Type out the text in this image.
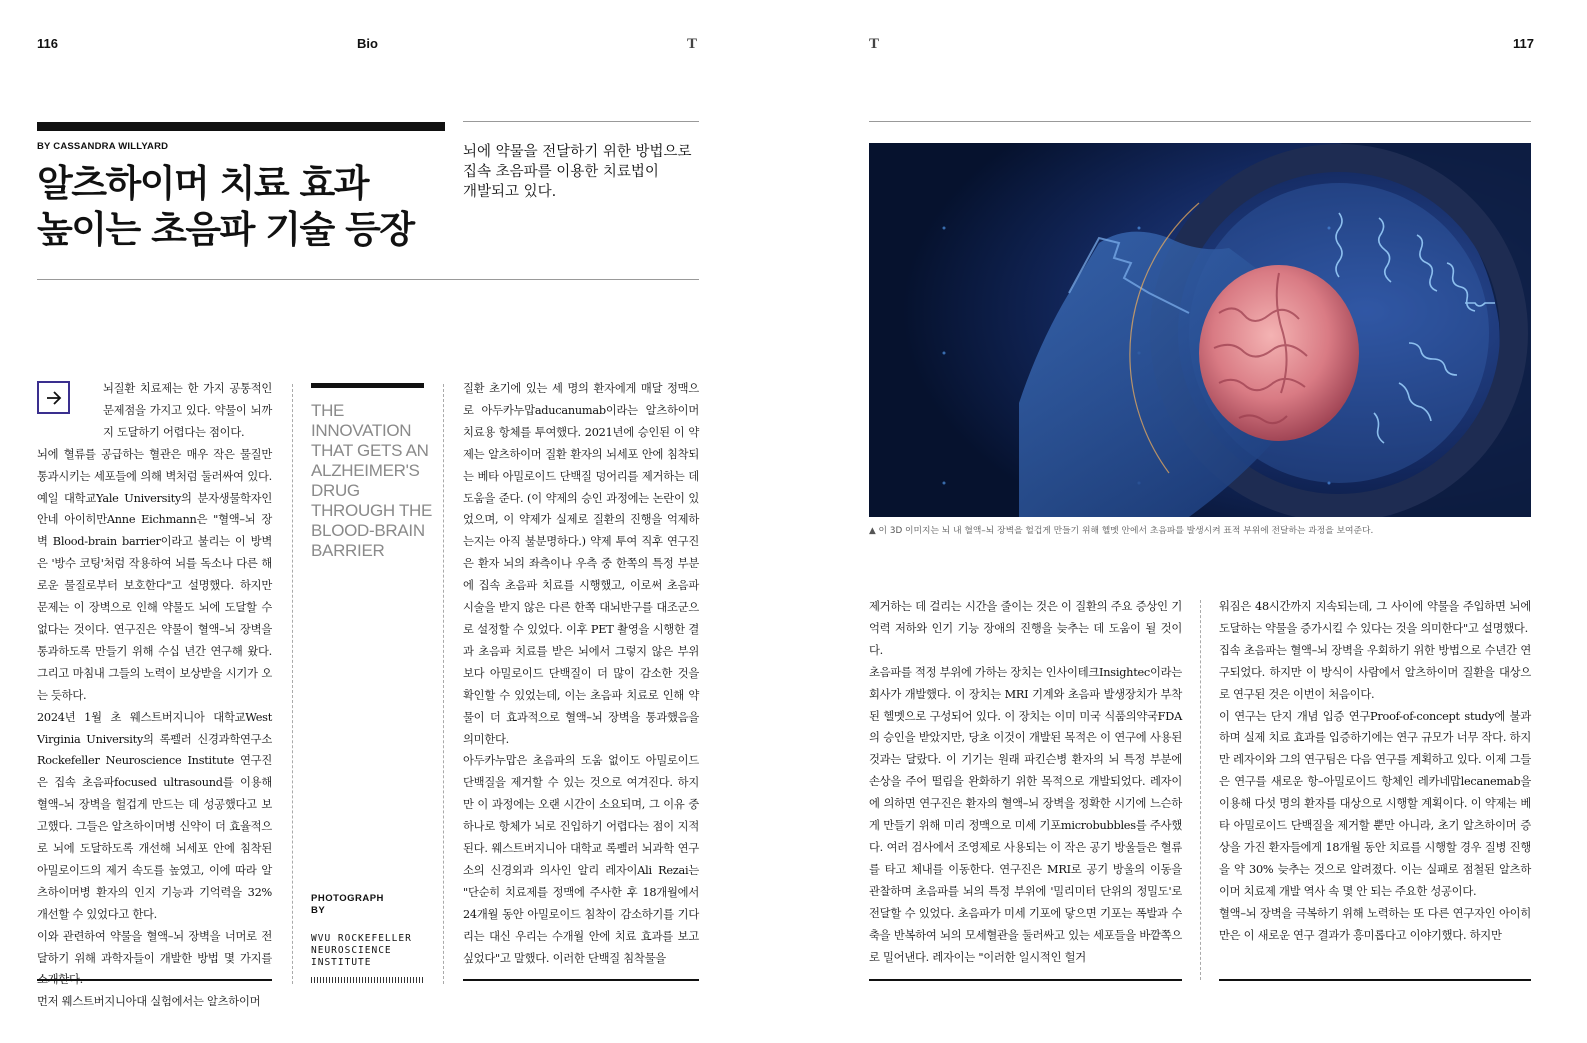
116	Bio	T	T	117
BY CASSANDRA WILLYARD
알츠하이머 치료 효과
높이는 초음파 기술 등장
뇌에 약물을 전달하기 위한 방법으로
집속 초음파를 이용한 치료법이
개발되고 있다.

뇌질환 치료제는 한 가지 공통적인 문제점을 가지고 있다. 약물이 뇌까지 도달하기 어렵다는 점이다.

뇌에 혈류를 공급하는 혈관은 매우 작은 물질만 통과시키는 세포들에 의해 벽처럼 둘러싸여 있다. 예일 대학교Yale University의 분자생물학자인 안네 아이히만Anne Eichmann은 "혈액–뇌 장벽 Blood-brain barrier이라고 불리는 이 방벽은 '방수 코팅'처럼 작용하여 뇌를 독소나 다른 해로운 물질로부터 보호한다"고 설명했다. 하지만 문제는 이 장벽으로 인해 약물도 뇌에 도달할 수 없다는 것이다. 연구진은 약물이 혈액–뇌 장벽을 통과하도록 만들기 위해 수십 년간 연구해 왔다. 그리고 마침내 그들의 노력이 보상받을 시기가 오는 듯하다.

2024년 1월 초 웨스트버지니아 대학교West Virginia University의 록펠러 신경과학연구소Rockefeller Neuroscience Institute 연구진은 집속 초음파focused ultrasound를 이용해 혈액–뇌 장벽을 헐겁게 만드는 데 성공했다고 보고했다. 그들은 알츠하이머병 신약이 더 효율적으로 뇌에 도달하도록 개선해 뇌세포 안에 침착된 아밀로이드의 제거 속도를 높였고, 이에 따라 알츠하이머병 환자의 인지 기능과 기억력을 32% 개선할 수 있었다고 한다.

이와 관련하여 약물을 혈액–뇌 장벽을 너머로 전달하기 위해 과학자들이 개발한 방법 몇 가지를

먼저 웨스트버지니아대 실험에서는 알츠하이머

THE INNOVATION THAT GETS AN ALZHEIMER'S DRUG THROUGH THE BLOOD-BRAIN BARRIER
PHOTOGRAPH
BY
WVU ROCKEFELLER
NEUROSCIENCE
INSTITUTE

질환 초기에 있는 세 명의 환자에게 매달 정맥으로 아두카누맙aducanumab이라는 알츠하이머 치료용 항체를 투여했다. 2021년에 승인된 이 약제는 알츠하이머 질환 환자의 뇌세포 안에 침착되는 베타 아밀로이드 단백질 덩어리를 제거하는 데 도움을 준다. (이 약제의 승인 과정에는 논란이 있었으며, 이 약제가 실제로 질환의 진행을 억제하는지는 아직 불분명하다.) 약제 투여 직후 연구진은 환자 뇌의 좌측이나 우측 중 한쪽의 특정 부분에 집속 초음파 치료를 시행했고, 이로써 초음파 시술을 받지 않은 다른 한쪽 대뇌반구를 대조군으로 설정할 수 있었다. 이후 PET 촬영을 시행한 결과 초음파 치료를 받은 뇌에서 그렇지 않은 부위보다 아밀로이드 단백질이 더 많이 감소한 것을 확인할 수 있었는데, 이는 초음파 치료로 인해 약물이 더 효과적으로 혈액–뇌 장벽을 통과했음을 의미한다.

아두카누맙은 초음파의 도움 없이도 아밀로이드 단백질을 제거할 수 있는 것으로 여겨진다. 하지만 이 과정에는 오랜 시간이 소요되며, 그 이유 중 하나로 항체가 뇌로 진입하기 어렵다는 점이 지적된다. 웨스트버지니아 대학교 록펠러 뇌과학 연구소의 신경외과 의사인 알리 레자이Ali Rezai는 "단순히 치료제를 정맥에 주사한 후 18개월에서 24개월 동안 아밀로이드 침착이 감소하기를 기다리는 대신 우리는 수개월 안에 치료 효과를 보고 싶었다"고 말했다. 이러한 단백질 침착물을

▲ 이 3D 이미지는 뇌 내 혈액–뇌 장벽을 헐겁게 만들기 위해 헬멧 안에서 초음파를 발생시켜 표적 부위에 전달하는 과정을 보여준다.

제거하는 데 걸리는 시간을 줄이는 것은 이 질환의 주요 증상인 기억력 저하와 인기 기능 장애의 진행을 늦추는 데 도움이 될 것이다.

초음파를 적정 부위에 가하는 장치는 인사이테크Insightec이라는 회사가 개발했다. 이 장치는 MRI 기계와 초음파 발생장치가 부착된 헬멧으로 구성되어 있다. 이 장치는 이미 미국 식품의약국FDA의 승인을 받았지만, 당초 이것이 개발된 목적은 이 연구에 사용된 것과는 달랐다. 이 기기는 원래 파킨슨병 환자의 뇌 특정 부분에 손상을 주어 떨림을 완화하기 위한 목적으로 개발되었다. 레자이에 의하면 연구진은 환자의 혈액–뇌 장벽을 정확한 시기에 느슨하게 만들기 위해 미리 정맥으로 미세 기포microbubbles를 주사했다. 여러 검사에서 조영제로 사용되는 이 작은 공기 방울들은 혈류를 타고 체내를 이동한다. 연구진은 MRI로 공기 방울의 이동을 관찰하며 초음파를 뇌의 특정 부위에 '밀리미터 단위의 정밀도'로 전달할 수 있었다. 초음파가 미세 기포에 닿으면 기포는 폭발과 수축을 반복하여 뇌의 모세혈관을 둘러싸고 있는 세포들을 바깥쪽으로 밀어낸다. 레자이는 "이러한 일시적인 헐거

워짐은 48시간까지 지속되는데, 그 사이에 약물을 주입하면 뇌에 도달하는 약물을 증가시킬 수 있다는 것을 의미한다"고 설명했다.

집속 초음파는 혈액–뇌 장벽을 우회하기 위한 방법으로 수년간 연구되었다. 하지만 이 방식이 사람에서 알츠하이머 질환을 대상으로 연구된 것은 이번이 처음이다.

이 연구는 단지 개념 입증 연구Proof-of-concept study에 불과하며 실제 치료 효과를 입증하기에는 연구 규모가 너무 작다. 하지만 레자이와 그의 연구팀은 다음 연구를 계획하고 있다. 이제 그들은 연구를 새로운 항–아밀로이드 항체인 레카네맙lecanemab을 이용해 다섯 명의 환자를 대상으로 시행할 계획이다. 이 약제는 베타 아밀로이드 단백질을 제거할 뿐만 아니라, 초기 알츠하이머 증상을 가진 환자들에게 18개월 동안 치료를 시행할 경우 질병 진행을 약 30% 늦추는 것으로 알려졌다. 이는 실패로 점철된 알츠하이머 치료제 개발 역사 속 몇 안 되는 주요한 성공이다.

혈액–뇌 장벽을 극복하기 위해 노력하는 또 다른 연구자인 아이히만은 이 새로운 연구 결과가 흥미롭다고 이야기했다. 하지만
